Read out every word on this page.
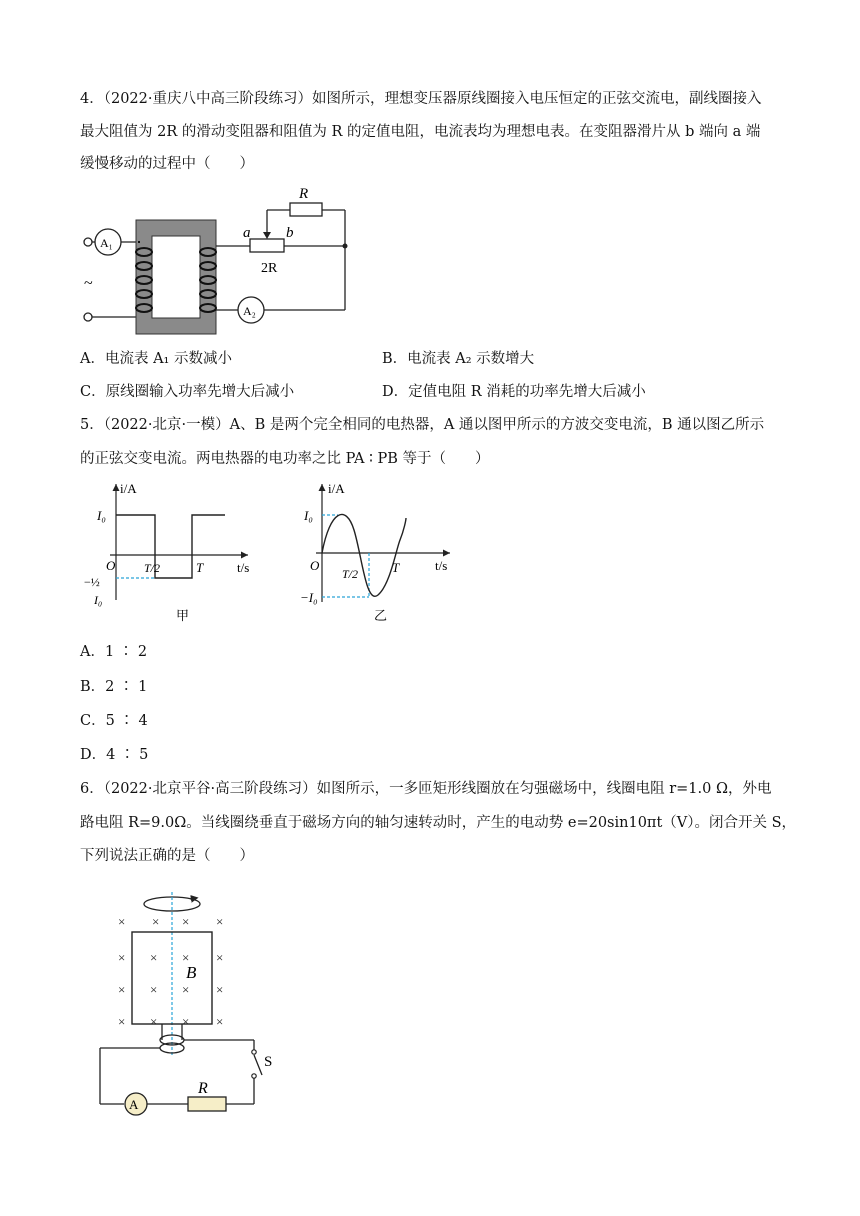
4．（2022·重庆八中高三阶段练习）如图所示，理想变压器原线圈接入电压恒定的正弦交流电，副线圈接入
最大阻值为 2R 的滑动变阻器和阻值为 R 的定值电阻，电流表均为理想电表。在变阻器滑片从 b 端向 a 端
缓慢移动的过程中（　　）
A₁
~
A₂
R
a b
2R
A．电流表 A₁ 示数减小	B．电流表 A₂ 示数增大
C．原线圈输入功率先增大后减小	D．定值电阻 R 消耗的功率先增大后减小
5．（2022·北京·一模）A、B 是两个完全相同的电热器，A 通以图甲所示的方波交变电流，B 通以图乙所示
的正弦交变电流。两电热器的电功率之比 PA ∶ PB 等于（　　）
i/A
t/s
O
I₀
−½
I₀
T/2	T
甲
i/A
t/s
O
I₀
−I₀
T/2	T
乙
A．1 ∶ 2
B．2 ∶ 1
C．5 ∶ 4
D．4 ∶ 5
6．（2022·北京平谷·高三阶段练习）如图所示，一多匝矩形线圈放在匀强磁场中，线圈电阻 r=1.0 Ω，外电
路电阻 R=9.0Ω。当线圈绕垂直于磁场方向的轴匀速转动时，产生的电动势 e=20sin10πt（V）。闭合开关 S，
下列说法正确的是（　　）
× × × ×
× × × ×
× × × ×
× × × ×
B
S
A
R
